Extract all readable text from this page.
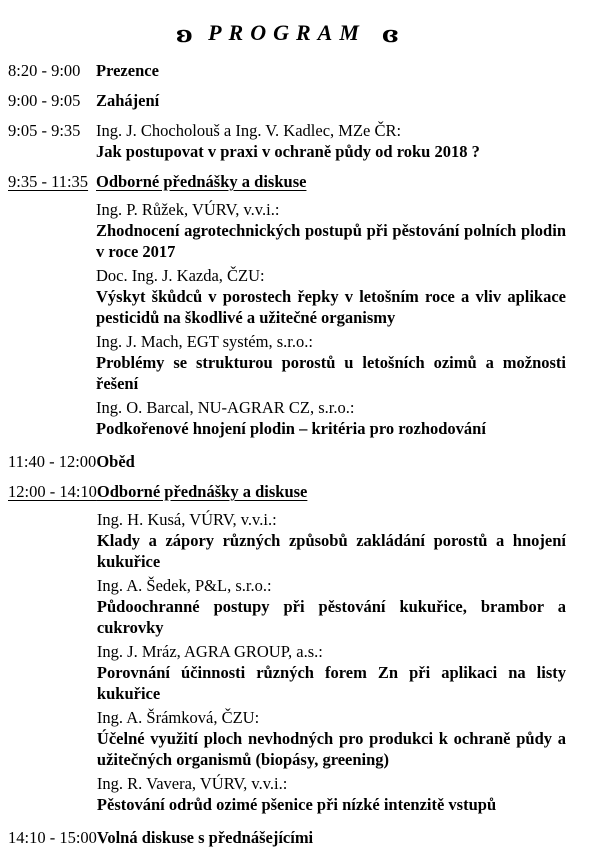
ɞ PROGRAM ɞ
8:20 - 9:00 Prezence
9:00 - 9:05 Zahájení
9:05 - 9:35 Ing. J. Chocholouš a Ing. V. Kadlec, MZe ČR:
Jak postupovat v praxi v ochraně půdy od roku 2018 ?
9:35 - 11:35 Odborné přednášky a diskuse
Ing. P. Růžek, VÚRV, v.v.i.:
Zhodnocení agrotechnických postupů při pěstování polních plodin v roce 2017
Doc. Ing. J. Kazda, ČZU:
Výskyt škůdců v porostech řepky v letošním roce a vliv aplikace pesticidů na škodlivé a užitečné organismy
Ing. J. Mach, EGT systém, s.r.o.:
Problémy se strukturou porostů u letošních ozimů a možnosti řešení
Ing. O. Barcal, NU-AGRAR CZ, s.r.o.:
Podkořenové hnojení plodin – kritéria pro rozhodování
11:40 - 12:00 Oběd
12:00 - 14:10 Odborné přednášky a diskuse
Ing. H. Kusá, VÚRV, v.v.i.:
Klady a zápory různých způsobů zakládání porostů a hnojení kukuřice
Ing. A. Šedek, P&L, s.r.o.:
Půdoochranné postupy při pěstování kukuřice, brambor a cukrovky
Ing. J. Mráz, AGRA GROUP, a.s.:
Porovnání účinnosti různých forem Zn při aplikaci na listy kukuřice
Ing. A. Šrámková, ČZU:
Účelné využití ploch nevhodných pro produkci k ochraně půdy a užitečných organismů (biopásy, greening)
Ing. R. Vavera, VÚRV, v.v.i.:
Pěstování odrůd ozimé pšenice při nízké intenzitě vstupů
14:10 - 15:00 Volná diskuse s přednášejícími
